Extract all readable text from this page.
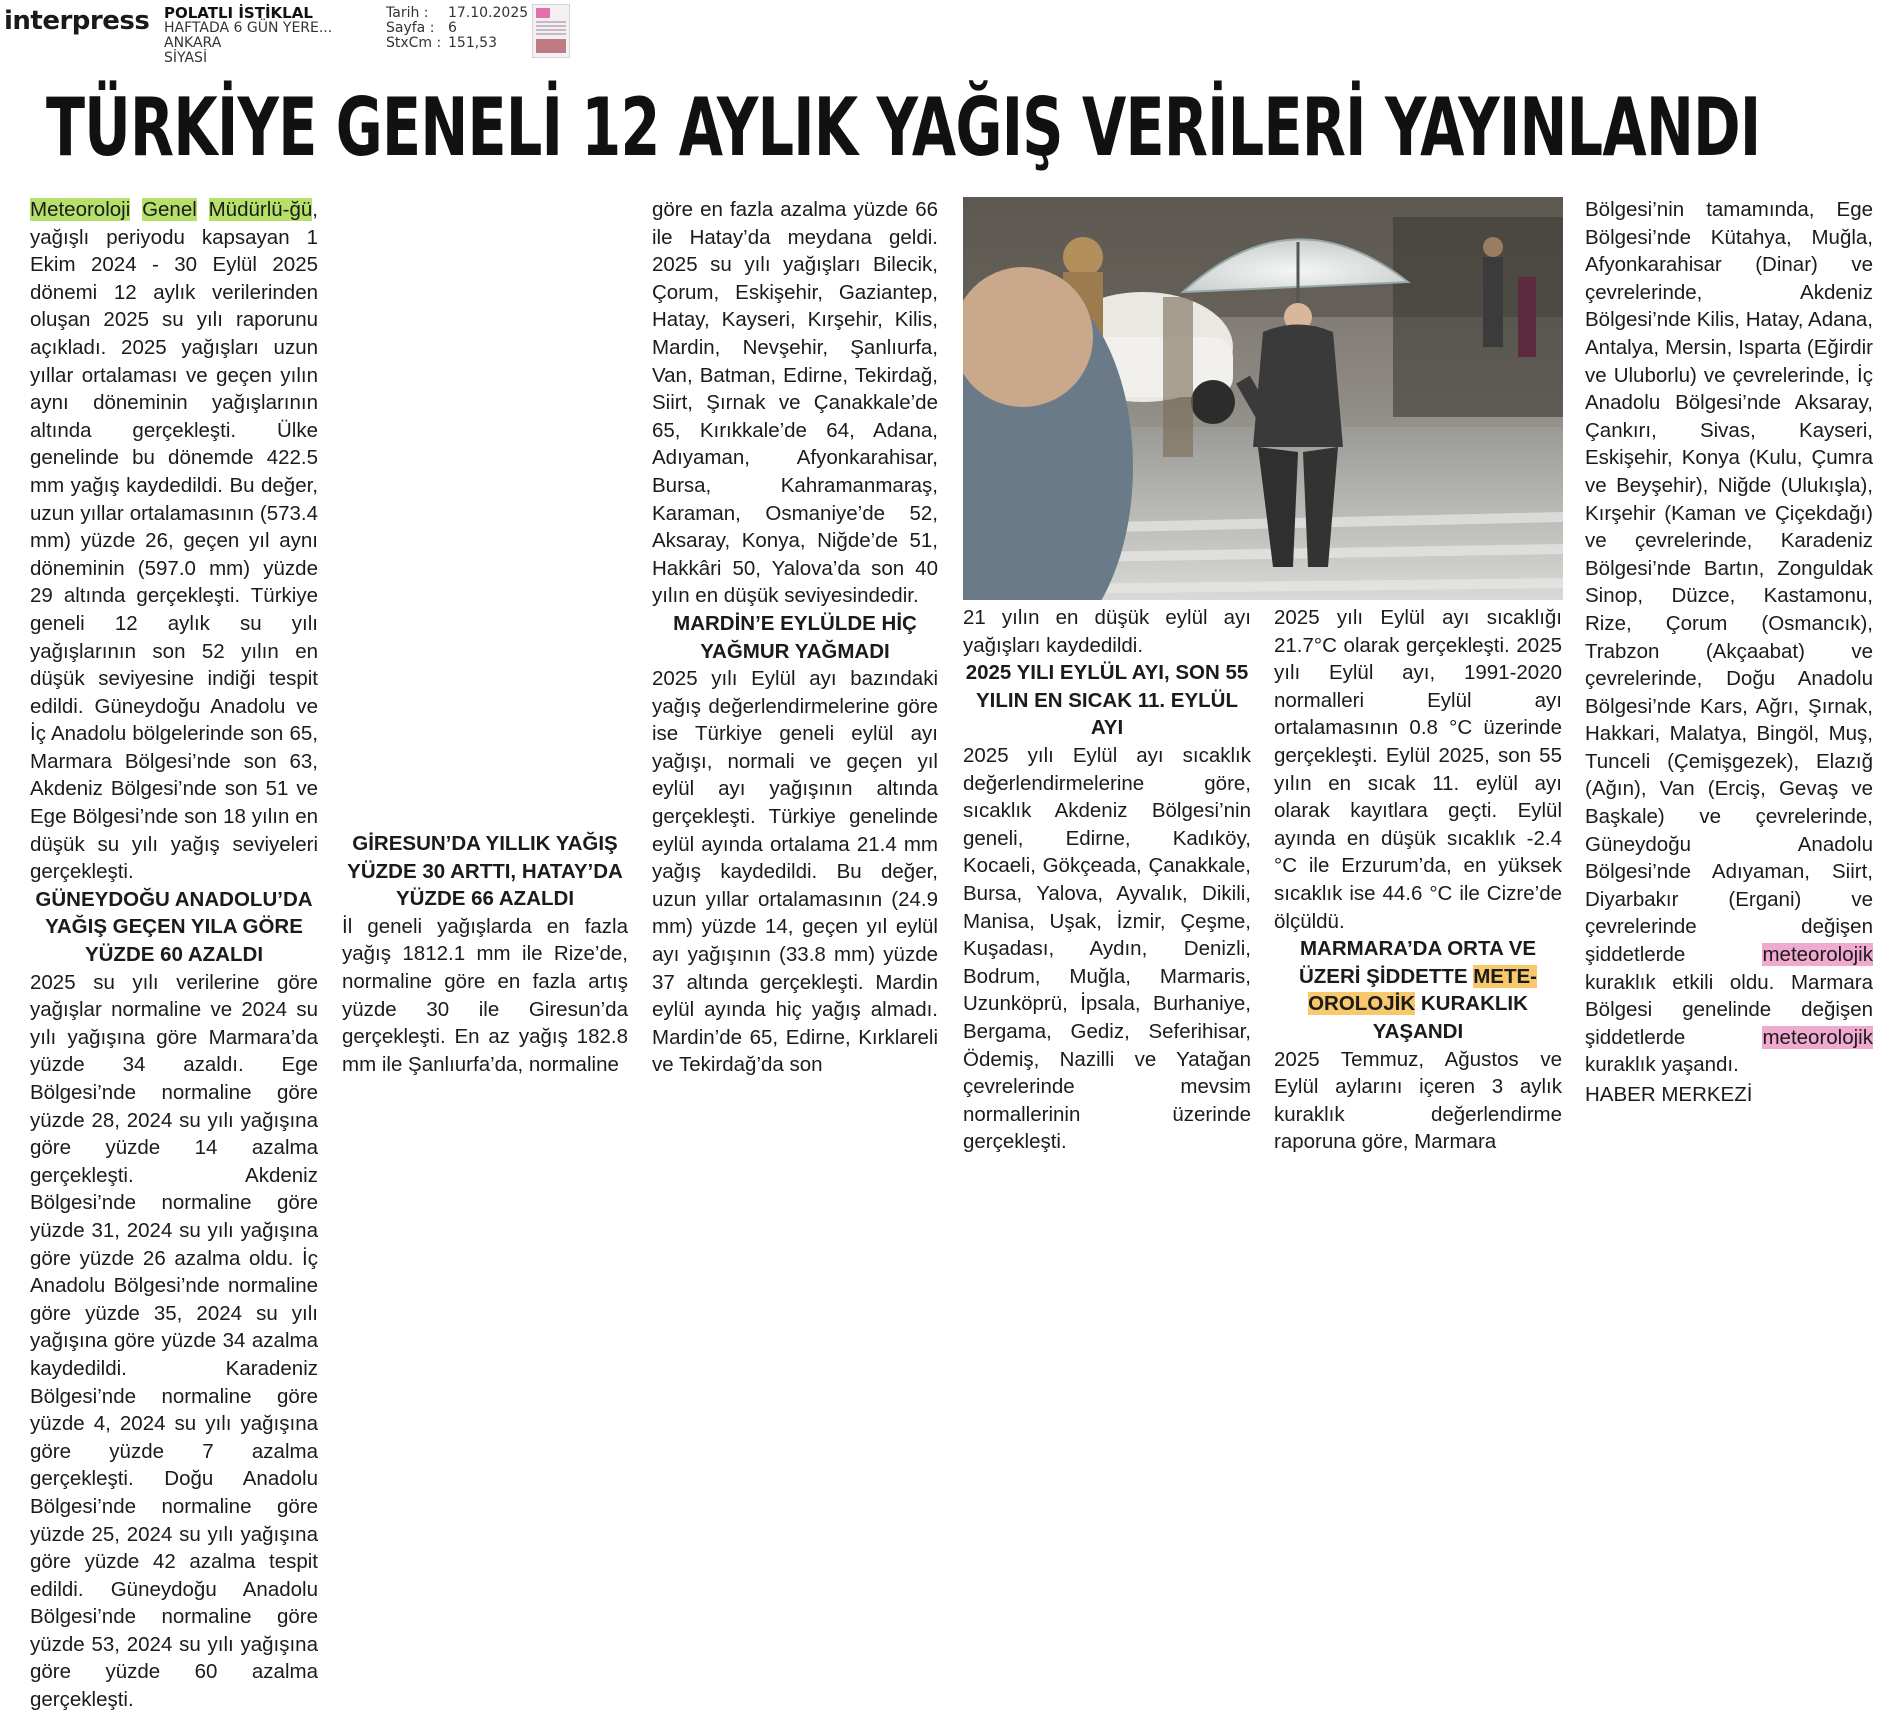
interpress POLATLI İSTİKLAL
HAFTADA 6 GÜN YERE...
ANKARA
SİYASİ
Tarih : 17.10.2025
Sayfa : 6
StxCm : 151,53
TÜRKİYE GENELİ 12 AYLIK YAĞIŞ VERİLERİ YAYINLANDI

Meteoroloji Genel Müdürlü-ğü, yağışlı periyodu kapsayan 1 Ekim 2024 - 30 Eylül 2025 dönemi 12 aylık verilerinden oluşan 2025 su yılı raporunu açıkladı. 2025 yağışları uzun yıllar ortalaması ve geçen yılın aynı döneminin yağışlarının altında gerçekleşti. Ülke genelinde bu dönemde 422.5 mm yağış kaydedildi. Bu değer, uzun yıllar ortalamasının (573.4 mm) yüzde 26, geçen yıl aynı döneminin (597.0 mm) yüzde 29 altında gerçekleşti. Türkiye geneli 12 aylık su yılı yağışlarının son 52 yılın en düşük seviyesine indiği tespit edildi. Güneydoğu Anadolu ve İç Anadolu bölgelerinde son 65, Marmara Bölgesi’nde son 63, Akdeniz Bölgesi’nde son 51 ve Ege Bölgesi’nde son 18 yılın en düşük su yılı yağış seviyeleri gerçekleşti.

GÜNEYDOĞU ANADOLU’DA YAĞIŞ GEÇEN YILA GÖRE YÜZDE 60 AZALDI

2025 su yılı verilerine göre yağışlar normaline ve 2024 su yılı yağışına göre Marmara’da yüzde 34 azaldı. Ege Bölgesi’nde normaline göre yüzde 28, 2024 su yılı yağışına göre yüzde 14 azalma gerçekleşti. Akdeniz Bölgesi’nde normaline göre yüzde 31, 2024 su yılı yağışına göre yüzde 26 azalma oldu. İç Anadolu Bölgesi’nde normaline göre yüzde 35, 2024 su yılı yağışına göre yüzde 34 azalma kaydedildi. Karadeniz Bölgesi’nde normaline göre yüzde 4, 2024 su yılı yağışına göre yüzde 7 azalma gerçekleşti. Doğu Anadolu Bölgesi’nde normaline göre yüzde 25, 2024 su yılı yağışına göre yüzde 42 azalma tespit edildi. Güneydoğu Anadolu Bölgesi’nde normaline göre yüzde 53, 2024 su yılı yağışına göre yüzde 60 azalma gerçekleşti.

GİRESUN’DA YILLIK YAĞIŞ YÜZDE 30 ARTTI, HATAY’DA YÜZDE 66 AZALDI

İl geneli yağışlarda en fazla yağış 1812.1 mm ile Rize’de, normaline göre en fazla artış yüzde 30 ile Giresun’da gerçekleşti. En az yağış 182.8 mm ile Şanlıurfa’da, normaline

göre en fazla azalma yüzde 66 ile Hatay’da meydana geldi. 2025 su yılı yağışları Bilecik, Çorum, Eskişehir, Gaziantep, Hatay, Kayseri, Kırşehir, Kilis, Mardin, Nevşehir, Şanlıurfa, Van, Batman, Edirne, Tekirdağ, Siirt, Şırnak ve Çanakkale’de 65, Kırıkkale’de 64, Adana, Adıyaman, Afyonkarahisar, Bursa, Kahramanmaraş, Karaman, Osmaniye’de 52, Aksaray, Konya, Niğde’de 51, Hakkâri 50, Yalova’da son 40 yılın en düşük seviyesindedir.

MARDİN’E EYLÜLDE HİÇ YAĞMUR YAĞMADI

2025 yılı Eylül ayı bazındaki yağış değerlendirmelerine göre ise Türkiye geneli eylül ayı yağışı, normali ve geçen yıl eylül ayı yağışının altında gerçekleşti. Türkiye genelinde eylül ayında ortalama 21.4 mm yağış kaydedildi. Bu değer, uzun yıllar ortalamasının (24.9 mm) yüzde 14, geçen yıl eylül ayı yağışının (33.8 mm) yüzde 37 altında gerçekleşti. Mardin eylül ayında hiç yağış almadı. Mardin’de 65, Edirne, Kırklareli ve Tekirdağ’da son

21 yılın en düşük eylül ayı yağışları kaydedildi.

2025 YILI EYLÜL AYI, SON 55 YILIN EN SICAK 11. EYLÜL AYI

2025 yılı Eylül ayı sıcaklık değerlendirmelerine göre, sıcaklık Akdeniz Bölgesi’nin geneli, Edirne, Kadıköy, Kocaeli, Gökçeada, Çanakkale, Bursa, Yalova, Ayvalık, Dikili, Manisa, Uşak, İzmir, Çeşme, Kuşadası, Aydın, Denizli, Bodrum, Muğla, Marmaris, Uzunköprü, İpsala, Burhaniye, Bergama, Gediz, Seferihisar, Ödemiş, Nazilli ve Yatağan çevrelerinde mevsim normallerinin üzerinde gerçekleşti.

2025 yılı Eylül ayı sıcaklığı 21.7°C olarak gerçekleşti. 2025 yılı Eylül ayı, 1991-2020 normalleri Eylül ayı ortalamasının 0.8 °C üzerinde gerçekleşti. Eylül 2025, son 55 yılın en sıcak 11. eylül ayı olarak kayıtlara geçti. Eylül ayında en düşük sıcaklık -2.4 °C ile Erzurum’da, en yüksek sıcaklık ise 44.6 °C ile Cizre’de ölçüldü.

MARMARA’DA ORTA VE ÜZERİ ŞİDDETTE METE-
OROLOJİK KURAKLIK YAŞANDI

2025 Temmuz, Ağustos ve Eylül aylarını içeren 3 aylık kuraklık değerlendirme raporuna göre, Marmara

Bölgesi’nin tamamında, Ege Bölgesi’nde Kütahya, Muğla, Afyonkarahisar (Dinar) ve çevrelerinde, Akdeniz Bölgesi’nde Kilis, Hatay, Adana, Antalya, Mersin, Isparta (Eğirdir ve Uluborlu) ve çevrelerinde, İç Anadolu Bölgesi’nde Aksaray, Çankırı, Sivas, Kayseri, Eskişehir, Konya (Kulu, Çumra ve Beyşehir), Niğde (Ulukışla), Kırşehir (Kaman ve Çiçekdağı) ve çevrelerinde, Karadeniz Bölgesi’nde Bartın, Zonguldak Sinop, Düzce, Kastamonu, Rize, Çorum (Osmancık), Trabzon (Akçaabat) ve çevrelerinde, Doğu Anadolu Bölgesi’nde Kars, Ağrı, Şırnak, Hakkari, Malatya, Bingöl, Muş, Tunceli (Çemişgezek), Elazığ (Ağın), Van (Erciş, Gevaş ve Başkale) ve çevrelerinde, Güneydoğu Anadolu Bölgesi’nde Adıyaman, Siirt, Diyarbakır (Ergani) ve çevrelerinde değişen şiddetlerde meteorolojik kuraklık etkili oldu. Marmara Bölgesi genelinde değişen şiddetlerde meteorolojik kuraklık yaşandı.

HABER MERKEZİ
